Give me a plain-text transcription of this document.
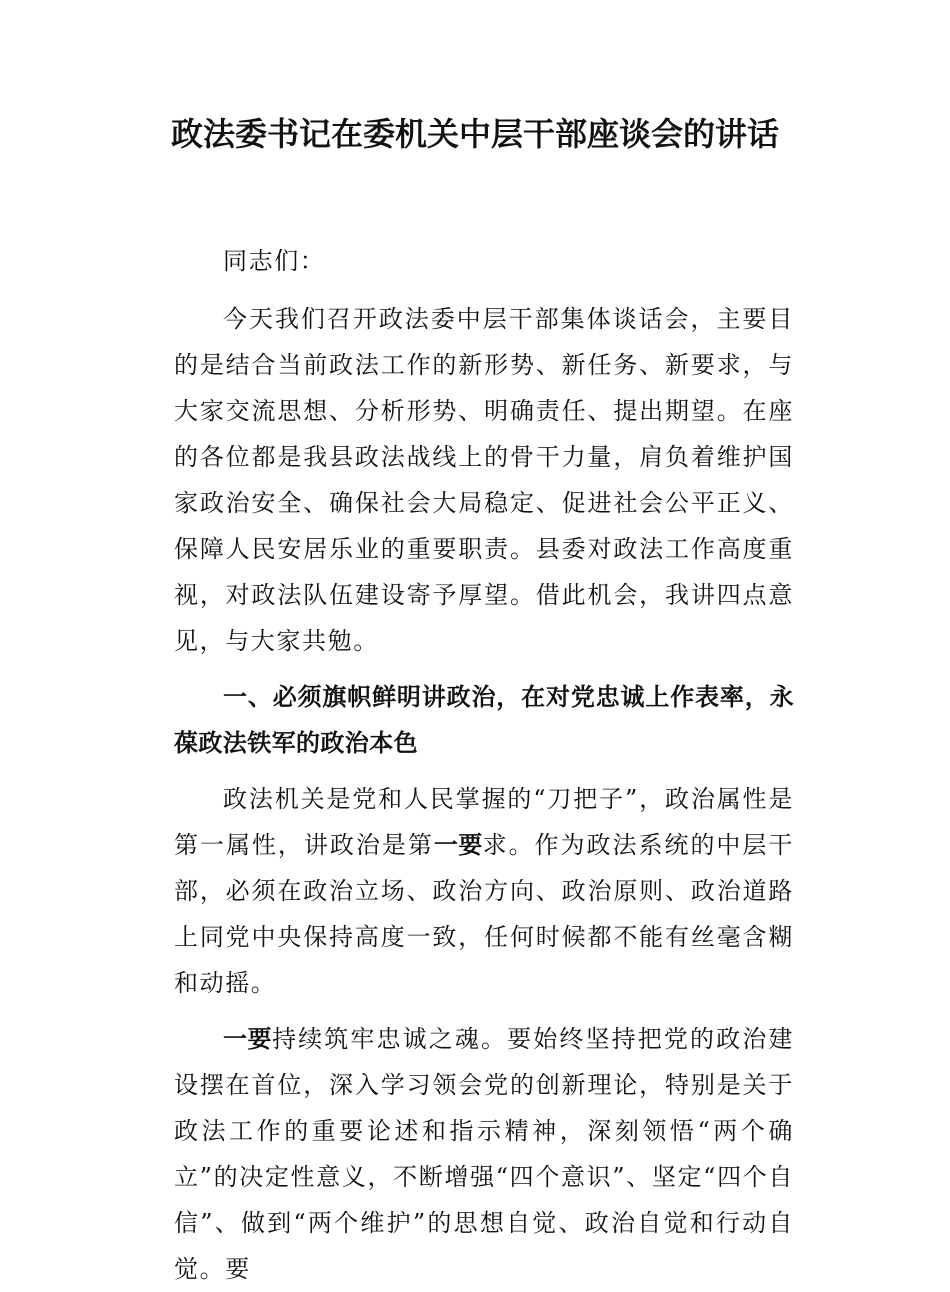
政法委书记在委机关中层干部座谈会的讲话

同志们：

今天我们召开政法委中层干部集体谈话会，主要目的是结合当前政法工作的新形势、新任务、新要求，与大家交流思想、分析形势、明确责任、提出期望。在座的各位都是我县政法战线上的骨干力量，肩负着维护国家政治安全、确保社会大局稳定、促进社会公平正义、保障人民安居乐业的重要职责。县委对政法工作高度重视，对政法队伍建设寄予厚望。借此机会，我讲四点意见，与大家共勉。

一、必须旗帜鲜明讲政治，在对党忠诚上作表率，永葆政法铁军的政治本色

政法机关是党和人民掌握的“刀把子”，政治属性是第一属性，讲政治是第一要求。作为政法系统的中层干部，必须在政治立场、政治方向、政治原则、政治道路上同党中央保持高度一致，任何时候都不能有丝毫含糊和动摇。

一要持续筑牢忠诚之魂。要始终坚持把党的政治建设摆在首位，深入学习领会党的创新理论，特别是关于政法工作的重要论述和指示精神，深刻领悟“两个确立”的决定性意义，不断增强“四个意识”、坚定“四个自信”、做到“两个维护”的思想自觉、政治自觉和行动自觉。要
